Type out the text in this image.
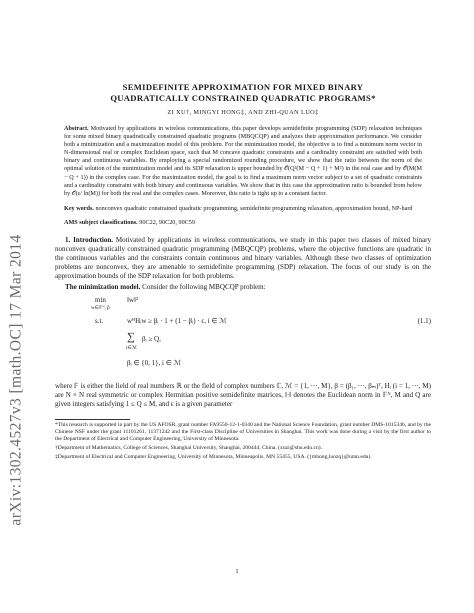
arXiv:1302.4527v3 [math.OC] 17 Mar 2014
SEMIDEFINITE APPROXIMATION FOR MIXED BINARY
QUADRATICALLY CONSTRAINED QUADRATIC PROGRAMS*
ZI XU†, MINGYI HONG‡, AND ZHI-QUAN LUO‡
Abstract. Motivated by applications in wireless communications, this paper develops semidefinite programming (SDP) relaxation techniques for some mixed binary quadratically constrained quadratic programs (MBQCQP) and analyzes their approximation performance. We consider both a minimization and a maximization model of this problem. For the minimization model, the objective is to find a minimum norm vector in N-dimensional real or complex Euclidean space, such that M concave quadratic constraints and a cardinality constraint are satisfied with both binary and continuous variables. By employing a special randomized rounding procedure, we show that the ratio between the norm of the optimal solution of the minimization model and its SDP relaxation is upper bounded by 𝒪(Q²(M − Q + 1) + M²) in the real case and by 𝒪(M(M − Q + 1)) in the complex case. For the maximization model, the goal is to find a maximum norm vector subject to a set of quadratic constraints and a cardinality constraint with both binary and continuous variables. We show that in this case the approximation ratio is bounded from below by 𝒪(ε/ ln(M)) for both the real and the complex cases. Moreover, this ratio is tight up to a constant factor.
Key words. nonconvex quadratic constrained quadratic programming, semidefinite programming relaxation, approximation bound, NP-hard
AMS subject classifications. 90C22, 90C20, 90C59
1. Introduction. Motivated by applications in wireless communications, we study in this paper two classes of mixed binary nonconvex quadratically constrained quadratic programming (MBQCQP) problems, where the objective functions are quadratic in the continuous variables and the constraints contain continuous and binary variables. Although these two classes of optimization problems are nonconvex, they are amenable to semidefinite programming (SDP) relaxation. The focus of our study is on the approximation bounds of the SDP relaxation for both problems.
The minimization model. Consider the following MBQCQP problem:
min
w∈𝔽ᴺ, β
‖w‖²
s.t.	wᴴHᵢw ≥ βᵢ · 1 + (1 − βᵢ) · ϵ, i ∈ ℳ
∑
i∈ℳ
βᵢ ≥ Q,
βᵢ ∈ {0, 1}, i ∈ ℳ
(1.1)
where 𝔽 is either the field of real numbers ℝ or the field of complex numbers ℂ, ℳ = {1, ···, M}, β = (β₁, ···, βₘ)ᵀ, Hᵢ (i = 1, ···, M) are N × N real symmetric or complex Hermitian positive semidefinite matrices, ‖·‖ denotes the Euclidean norm in 𝔽ᴺ, M and Q are given integers satisfying 1 ≤ Q ≤ M, and ϵ is a given parameter
*This research is supported in part by the US AFOSR, grant number FA9550-12-1-0340 and the National Science Foundation, grant number DMS-1015346, and by the Chinese NSF under the grant 11101261, 11371242 and the First-class Discipline of Universities in Shanghai. This work was done during a visit by the first author to the Department of Electrical and Computer Engineering, University of Minnesota.
†Department of Mathematics, College of Sciences, Shanghai University, Shanghai, 200444, China. (xuzi@shu.edu.cn).
‡Department of Electrical and Computer Engineering, University of Minnesota, Minneapolis, MN 55455, USA. ({mhong,luozq}@umn.edu).
1
